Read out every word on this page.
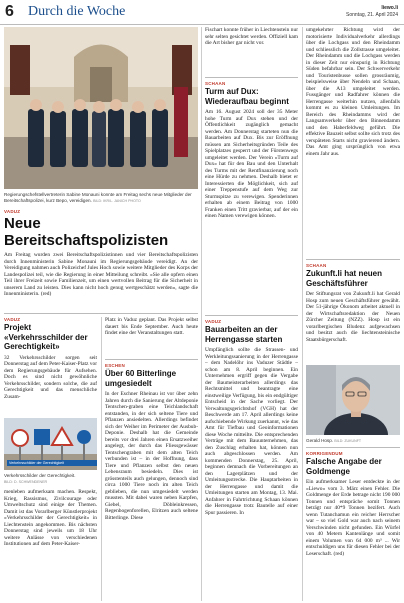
6 Durch die Woche	liewo.li
Sonntag, 21. April 2024
Regierungschefstellvertreterin Sabine Monauni konnte am Freitag sechs neue Mitglieder der Bereitschaftspolizei, kurz Bepo, vereidigen. BILD: IKR/L. JANICH PHOTO
VADUZ
Neue Bereitschaftspolizisten

Am Freitag wurden zwei Bereitschaftspolizistinnen und vier Bereitschaftspolizisten durch Innenministerin Sabine Monauni im Regierungsgebäude vereidigt. An der Vereidigung nahmen auch Polizeichef Jules Hoch sowie weitere Mitglieder des Korps der Landespolizei teil, wie die Regierung in einer Mitteilung schreibt. «Sie alle opfern einen Teil ihrer Freizeit sowie Familienzeit, um einen wertvollen Beitrag für die Sicherheit in unserem Land zu leisten. Dies kann nicht hoch genug wertgeschätzt werden», sagte die Innenministerin. (red)

VADUZ
Projekt «Verkehrsschilder der Gerechtigkeit»

32 Verkehrsschilder sorgen seit Donnerstag auf dem Peter-Kaiser-Platz vor dem Regierungsgebäude für Aufsehen. Doch es sind nicht gewöhnliche Verkehrsschilder, sondern solche, die auf Gerechtigkeit und das menschliche Zusam-

Verkehrsschilder der Gerechtigkeit
Verkehrsschilder der Gerechtigkeit.
BILD: D. SCHWENDENER

menleben aufmerksam machen. Respekt, Krieg, Rassismus, Zivilcourage oder Umweltschutz sind einige der Themen. Damit ist das Vorarlberger Künstlerprojekt «Verkehrsschilder der Gerechtigkeit» in Liechtenstein angekommen. Bis nächsten Donnerstag sind jeweils um 18 Uhr weitere Anlässe von verschiedenen Institutionen auf dem Peter-Kaiser-

Platz in Vaduz geplant. Das Projekt selbst dauert bis Ende September. Auch heute findet eine der Veranstaltungen statt.

ESCHEN
Über 60 Bitterlinge umgesiedelt

In der Eschner Rheinau ist vor über zehn Jahren durch die Sanierung der Altdeponie Tentschen-graben eine Teichlandschaft entstanden, in der sich seltene Tiere und Pflanzen ansiedelten. Allerdings befindet sich der Weiher im Perimeter der Ausbub-Deponie. Deshalb hat die Gemeinde bereits vor drei Jahren einen Ersatzweiher angelegt, der durch das Fliessgewässer Tentschengraben mit dem alten Teich verbunden ist – in der Hoffnung, dass Tiere und Pflanzen selbst den neuen Lebensraum besiedeln. Dies ist grösstenteils auch gelungen, dennoch sind circa 1000 Tiere noch im alten Teich geblieben, die nun umgesiedelt werden mussten. Mit dabei waren neben Karpfen, Giebel, Döbleinkressen, Regenbogenforellen, Elritzen auch seltene Bitterlinge. Diese

Fischart konnte früher in Liechtenstein nur sehr selten gesichtet werden. Offiziell kam die Art bisher gar nicht vor.

SCHAAN
Turm auf Dux: Wiederaufbau beginnt

Am 16. August 2024 soll der 35 Meter hohe Turm auf Dux stehen und der Öffentlichkeit zugänglich gemacht werden. Am Donnerstag starteten nun die Bauarbeiten auf Dux. Bis zur Eröffnung müssen am Sicherheitsgründen Teile des Spielplatzes gesperrt und der Fürstenwegs umgeleitet werden. Der Verein «Turm auf Dux» hat für den Bau und den Unterhalt des Turms mit der Rentfinanzierung noch eine Hürde zu nehmen. Deshalb bietet er Interessierten die Möglichkeit, sich auf einer Treppenstufe auf dem Weg zur Sturmspitze zu verewigen. Spenderinnen erhalten ab einem Beitrag von 1000 Franken einen Tritt gravierbar, auf der ein einen Namen verewigen können.

VADUZ
Bauarbeiten an der Herrengasse starten

Umpfänglich sollte die Strassen- und Werkleitungssanierung in der Herrengasse – dem Nadelöhr ins Vaduzer Städtle – schon am 8. April beginnen. Ein Unternehmen ergriff gegen die Vergabe der Baumeisterarbeiten allerdings das Rechtsmittel und beantragte eine einstweilige Verfügung, bis ein endgültiger Entscheid in der Sache vorliegt. Der Verwaltungsgerichtshof (VGH) hat der Beschwerde am 17. April allerdings keine aufschiebende Wirkung zuerkannt, wie das Amt für Tiefbau und Geoinformationen diese Woche mitteilte. Die entsprechenden Verträge mit dem Bauunternehmen, das den Zuschlag erhalten hat, können nun auch abgeschlossen werden. Am kommenden Donnerstag, 25. April, beginnen demnach die Vorbereitungen an den Lagerplätzen und der Umleitungsstrecke. Die Hauptarbeiten in der Herrengasse und damit die Umleitungen starten am Montag, 13. Mai. Anfahrer in Fahrtrichtung Schaan können die Herrengasse trotz Bautelle auf einer Spur passieren. In

umgekehrter Richtung wird der motorisierte Individualverkehr allerdings über die Lochgass und den Rheindamm und schliesslich die Zollstrasse umgeleitet. Der Rheindamm und die Lochgass werden in dieser Zeit nur einspurig in Richtung Süden befahrbar sein. Der Schwerverkehr und Touristenbusse sollen grossräumig, beispielsweise über Nendeln und Schaan, über die A13 umgeleitet werden. Fussgänger und Radfahrer können die Herrengasse weiterhin nutzen, allenfalls kommt es zu kleinen Umleitungen. Im Bereich des Rheindamms wird der Langsamverkehr über den Binnendamm und den Haberfeldweg geführt. Die effektive Bauzeit selbst sollte sich trotz des verspäteten Starts nicht gravierend ändern. Das Amt ging ursprünglich von etwa einem Jahr aus.

SCHAAN
Zukunft.li hat neuen Geschäftsführer

Der Stiftungsrat von Zukunft.li hat Gerald Hosp zum neuen Geschäftsführer gewählt. Der 51-jährige Ökonom arbeitet aktuell in der Wirtschaftsredaktion der Neuen Zürcher Zeitung (NZZ). Hosp ist ein vorarlbergischen Bludenz aufgewachsen und besitzt auch die liechtensteinische Staatsbürgerschaft.

Gerald Hosp. BILD: ZUKUNFT
KORRIGENDUM
Falsche Angabe der Goldmenge

Ein aufmerksamer Leser entdeckte in der «Liewo» vom 3. März einen Fehler. Die Goldmenge der Erde betrage nicht 190 000 Tonnen und entspräche somit Tonnen beträgt nur 40*9 Tonnen bezifert. Auch wenn Tutanchamun ein reicher Herrscher war – so viel Gold war auch nach seinem Verschwinden nicht gefunden. Ein Würfel von 40 Metern Kantenlänge und somit einem Volumen von 64 000 m³ ... Wir entschuldigen uns für diesen Fehler bei der Leserschaft. (red)
